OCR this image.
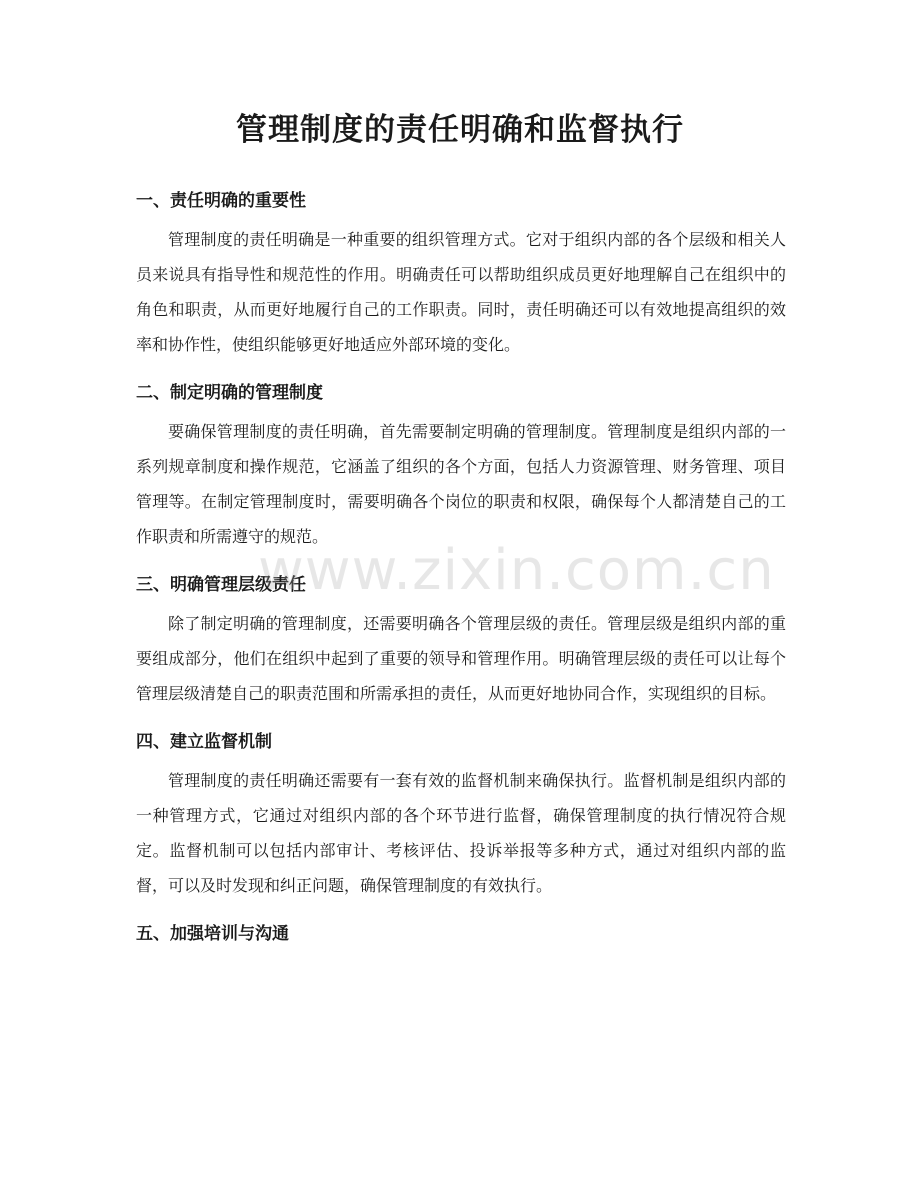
管理制度的责任明确和监督执行
一、责任明确的重要性

管理制度的责任明确是一种重要的组织管理方式。它对于组织内部的各个层级和相关人员来说具有指导性和规范性的作用。明确责任可以帮助组织成员更好地理解自己在组织中的角色和职责，从而更好地履行自己的工作职责。同时，责任明确还可以有效地提高组织的效率和协作性，使组织能够更好地适应外部环境的变化。

二、制定明确的管理制度

要确保管理制度的责任明确，首先需要制定明确的管理制度。管理制度是组织内部的一系列规章制度和操作规范，它涵盖了组织的各个方面，包括人力资源管理、财务管理、项目管理等。在制定管理制度时，需要明确各个岗位的职责和权限，确保每个人都清楚自己的工作职责和所需遵守的规范。

三、明确管理层级责任

除了制定明确的管理制度，还需要明确各个管理层级的责任。管理层级是组织内部的重要组成部分，他们在组织中起到了重要的领导和管理作用。明确管理层级的责任可以让每个管理层级清楚自己的职责范围和所需承担的责任，从而更好地协同合作，实现组织的目标。

四、建立监督机制

管理制度的责任明确还需要有一套有效的监督机制来确保执行。监督机制是组织内部的一种管理方式，它通过对组织内部的各个环节进行监督，确保管理制度的执行情况符合规定。监督机制可以包括内部审计、考核评估、投诉举报等多种方式，通过对组织内部的监督，可以及时发现和纠正问题，确保管理制度的有效执行。

五、加强培训与沟通
www.zixin.com.cn
